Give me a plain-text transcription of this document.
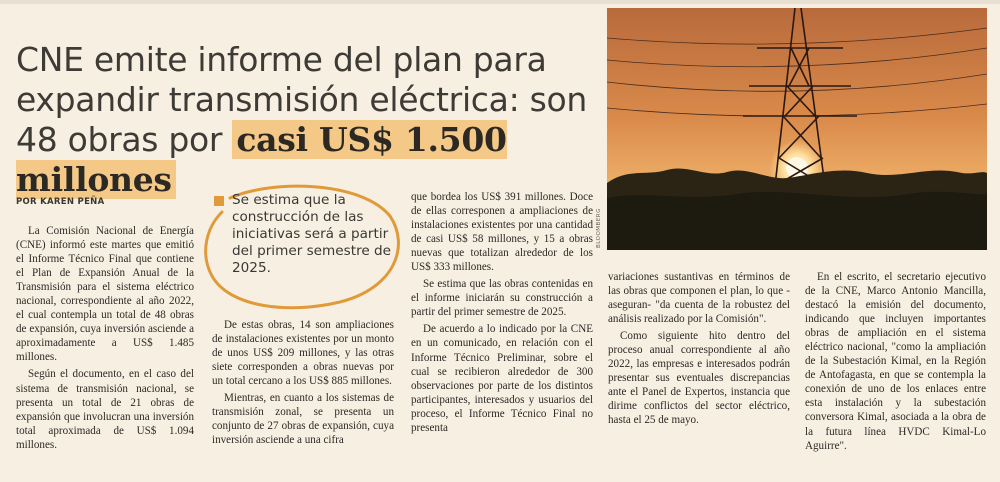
CNE emite informe del plan para expandir transmisión eléctrica: son 48 obras por casi US$ 1.500 millones
POR KAREN PEÑA

La Comisión Nacional de Energía (CNE) informó este martes que emitió el Informe Técnico Final que contiene el Plan de Expansión Anual de la Transmisión para el sistema eléctrico nacional, correspondiente al año 2022, el cual contempla un total de 48 obras de expansión, cuya inversión asciende a aproximadamente a US$ 1.485 millones.

Según el documento, en el caso del sistema de transmisión nacional, se presenta un total de 21 obras de expansión que involucran una inversión total aproximada de US$ 1.094 millones.

Se estima que la construcción de las iniciativas será a partir del primer semestre de 2025.

De estas obras, 14 son ampliaciones de instalaciones existentes por un monto de unos US$ 209 millones, y las otras siete corresponden a obras nuevas por un total cercano a los US$ 885 millones.

Mientras, en cuanto a los sistemas de transmisión zonal, se presenta un conjunto de 27 obras de expansión, cuya inversión asciende a una cifra

que bordea los US$ 391 millones. Doce de ellas corresponen a ampliaciones de instalaciones existentes por una cantidad de casi US$ 58 millones, y 15 a obras nuevas que totalizan alrededor de los US$ 333 millones.

Se estima que las obras contenidas en el informe iniciarán su construcción a partir del primer semestre de 2025.

De acuerdo a lo indicado por la CNE en un comunicado, en relación con el Informe Técnico Preliminar, sobre el cual se recibieron alrededor de 300 observaciones por parte de los distintos participantes, interesados y usuarios del proceso, el Informe Técnico Final no presenta

BLOOMBERG

variaciones sustantivas en términos de las obras que componen el plan, lo que -aseguran- "da cuenta de la robustez del análisis realizado por la Comisión".

Como siguiente hito dentro del proceso anual correspondiente al año 2022, las empresas e interesados podrán presentar sus eventuales discrepancias ante el Panel de Expertos, instancia que dirime conflictos del sector eléctrico, hasta el 25 de mayo.

En el escrito, el secretario ejecutivo de la CNE, Marco Antonio Mancilla, destacó la emisión del documento, indicando que incluyen importantes obras de ampliación en el sistema eléctrico nacional, "como la ampliación de la Subestación Kimal, en la Región de Antofagasta, en que se contempla la conexión de uno de los enlaces entre esta instalación y la subestación conversora Kimal, asociada a la obra de la futura línea HVDC Kimal-Lo Aguirre".
